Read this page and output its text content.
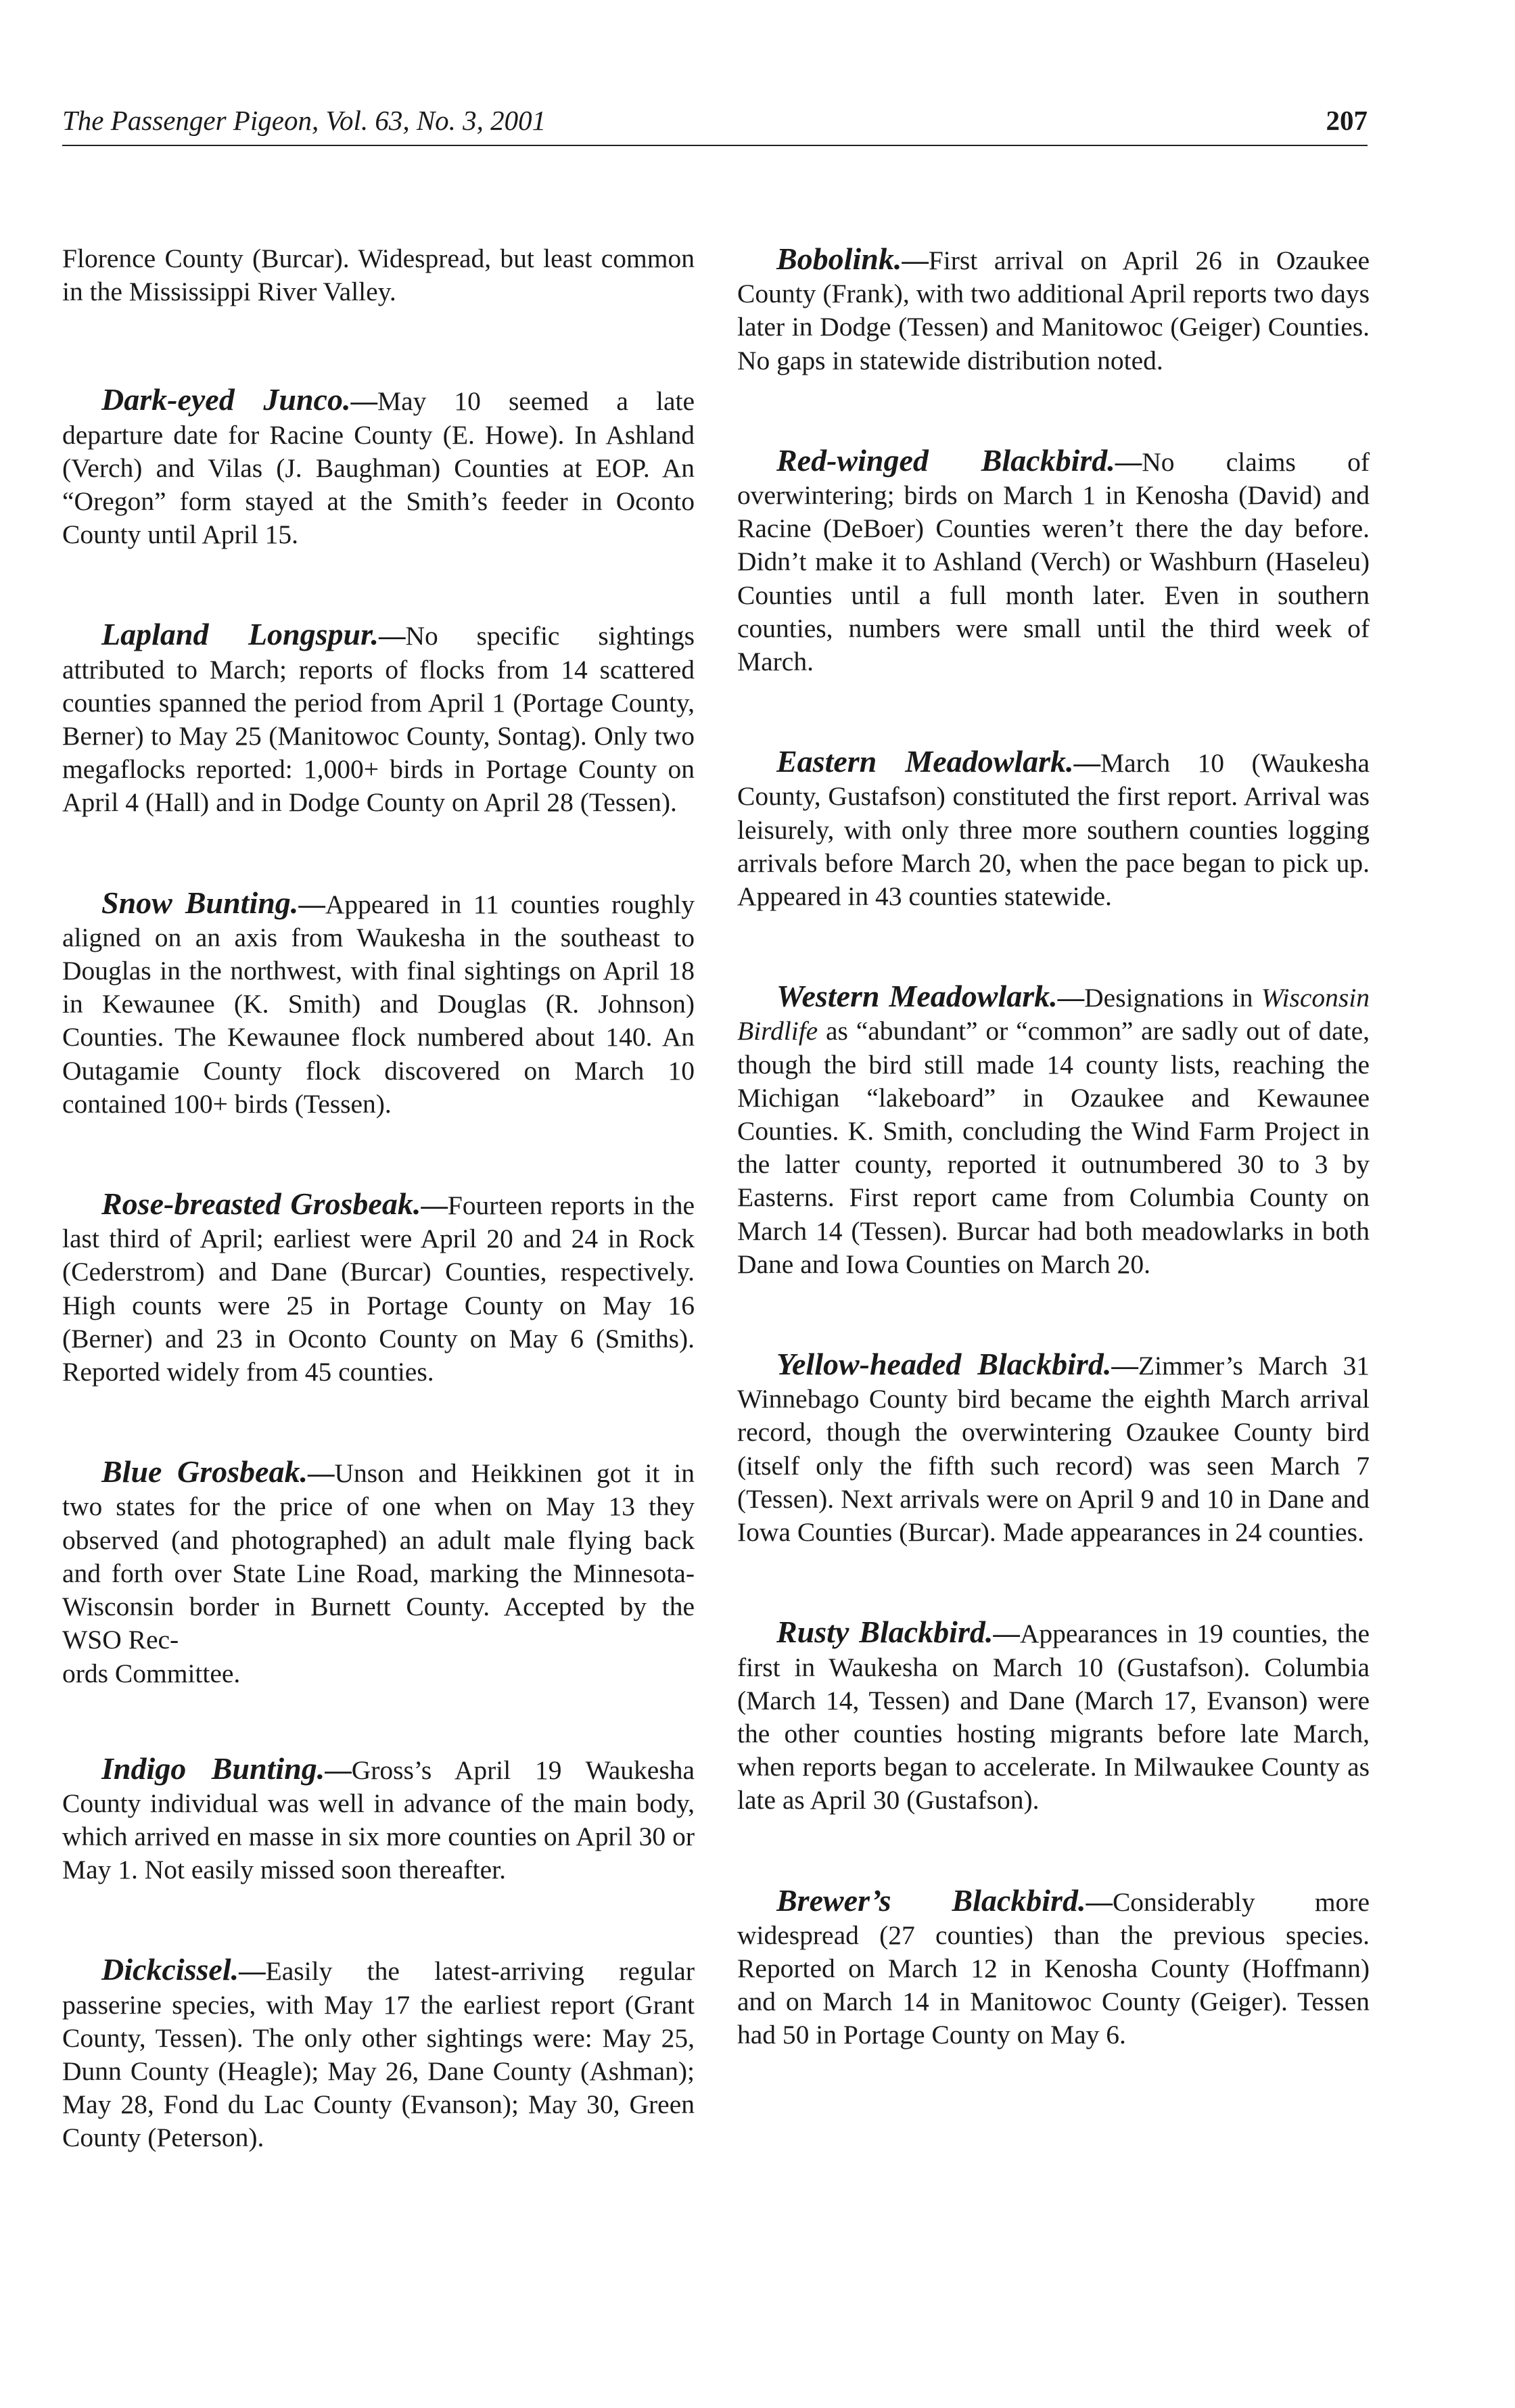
The Passenger Pigeon, Vol. 63, No. 3, 2001	207

Florence County (Burcar). Widespread, but least common in the Mississippi River Valley.

Dark-eyed Junco.—May 10 seemed a late departure date for Racine County (E. Howe). In Ashland (Verch) and Vilas (J. Baughman) Counties at EOP. An “Oregon” form stayed at the Smith’s feeder in Oconto County until April 15.

Lapland Longspur.—No specific sightings attributed to March; reports of flocks from 14 scattered counties spanned the period from April 1 (Portage County, Berner) to May 25 (Manitowoc County, Sontag). Only two megaflocks reported: 1,000+ birds in Portage County on April 4 (Hall) and in Dodge County on April 28 (Tessen).

Snow Bunting.—Appeared in 11 counties roughly aligned on an axis from Waukesha in the southeast to Douglas in the northwest, with final sightings on April 18 in Kewaunee (K. Smith) and Douglas (R. Johnson) Counties. The Kewaunee flock numbered about 140. An Outagamie County flock discovered on March 10 contained 100+ birds (Tessen).

Rose-breasted Grosbeak.—Fourteen reports in the last third of April; earliest were April 20 and 24 in Rock (Cederstrom) and Dane (Burcar) Counties, respectively. High counts were 25 in Portage County on May 16 (Berner) and 23 in Oconto County on May 6 (Smiths). Reported widely from 45 counties.

Blue Grosbeak.—Unson and Heikkinen got it in two states for the price of one when on May 13 they observed (and photographed) an adult male flying back and forth over State Line Road, marking the Minnesota-Wisconsin border in Burnett County. Accepted by the WSO Rec-
ords Committee.

Indigo Bunting.—Gross’s April 19 Waukesha County individual was well in advance of the main body, which arrived en masse in six more counties on April 30 or May 1. Not easily missed soon thereafter.

Dickcissel.—Easily the latest-arriving regular passerine species, with May 17 the earliest report (Grant County, Tessen). The only other sightings were: May 25, Dunn County (Heagle); May 26, Dane County (Ashman); May 28, Fond du Lac County (Evanson); May 30, Green County (Peterson).

Bobolink.—First arrival on April 26 in Ozaukee County (Frank), with two additional April reports two days later in Dodge (Tessen) and Manitowoc (Geiger) Counties. No gaps in statewide distribution noted.

Red-winged Blackbird.—No claims of overwintering; birds on March 1 in Kenosha (David) and Racine (DeBoer) Counties weren’t there the day before. Didn’t make it to Ashland (Verch) or Washburn (Haseleu) Counties until a full month later. Even in southern counties, numbers were small until the third week of March.

Eastern Meadowlark.—March 10 (Waukesha County, Gustafson) constituted the first report. Arrival was leisurely, with only three more southern counties logging arrivals before March 20, when the pace began to pick up. Appeared in 43 counties statewide.

Western Meadowlark.—Designations in Wisconsin Birdlife as “abundant” or “common” are sadly out of date, though the bird still made 14 county lists, reaching the Michigan “lakeboard” in Ozaukee and Kewaunee Counties. K. Smith, concluding the Wind Farm Project in the latter county, reported it outnumbered 30 to 3 by Easterns. First report came from Columbia County on March 14 (Tessen). Burcar had both meadowlarks in both Dane and Iowa Counties on March 20.

Yellow-headed Blackbird.—Zimmer’s March 31 Winnebago County bird became the eighth March arrival record, though the overwintering Ozaukee County bird (itself only the fifth such record) was seen March 7 (Tessen). Next arrivals were on April 9 and 10 in Dane and Iowa Counties (Burcar). Made appearances in 24 counties.

Rusty Blackbird.—Appearances in 19 counties, the first in Waukesha on March 10 (Gustafson). Columbia (March 14, Tessen) and Dane (March 17, Evanson) were the other counties hosting migrants before late March, when reports began to accelerate. In Milwaukee County as late as April 30 (Gustafson).

Brewer’s Blackbird.—Considerably more widespread (27 counties) than the previous species. Reported on March 12 in Kenosha County (Hoffmann) and on March 14 in Manitowoc County (Geiger). Tessen had 50 in Portage County on May 6.
